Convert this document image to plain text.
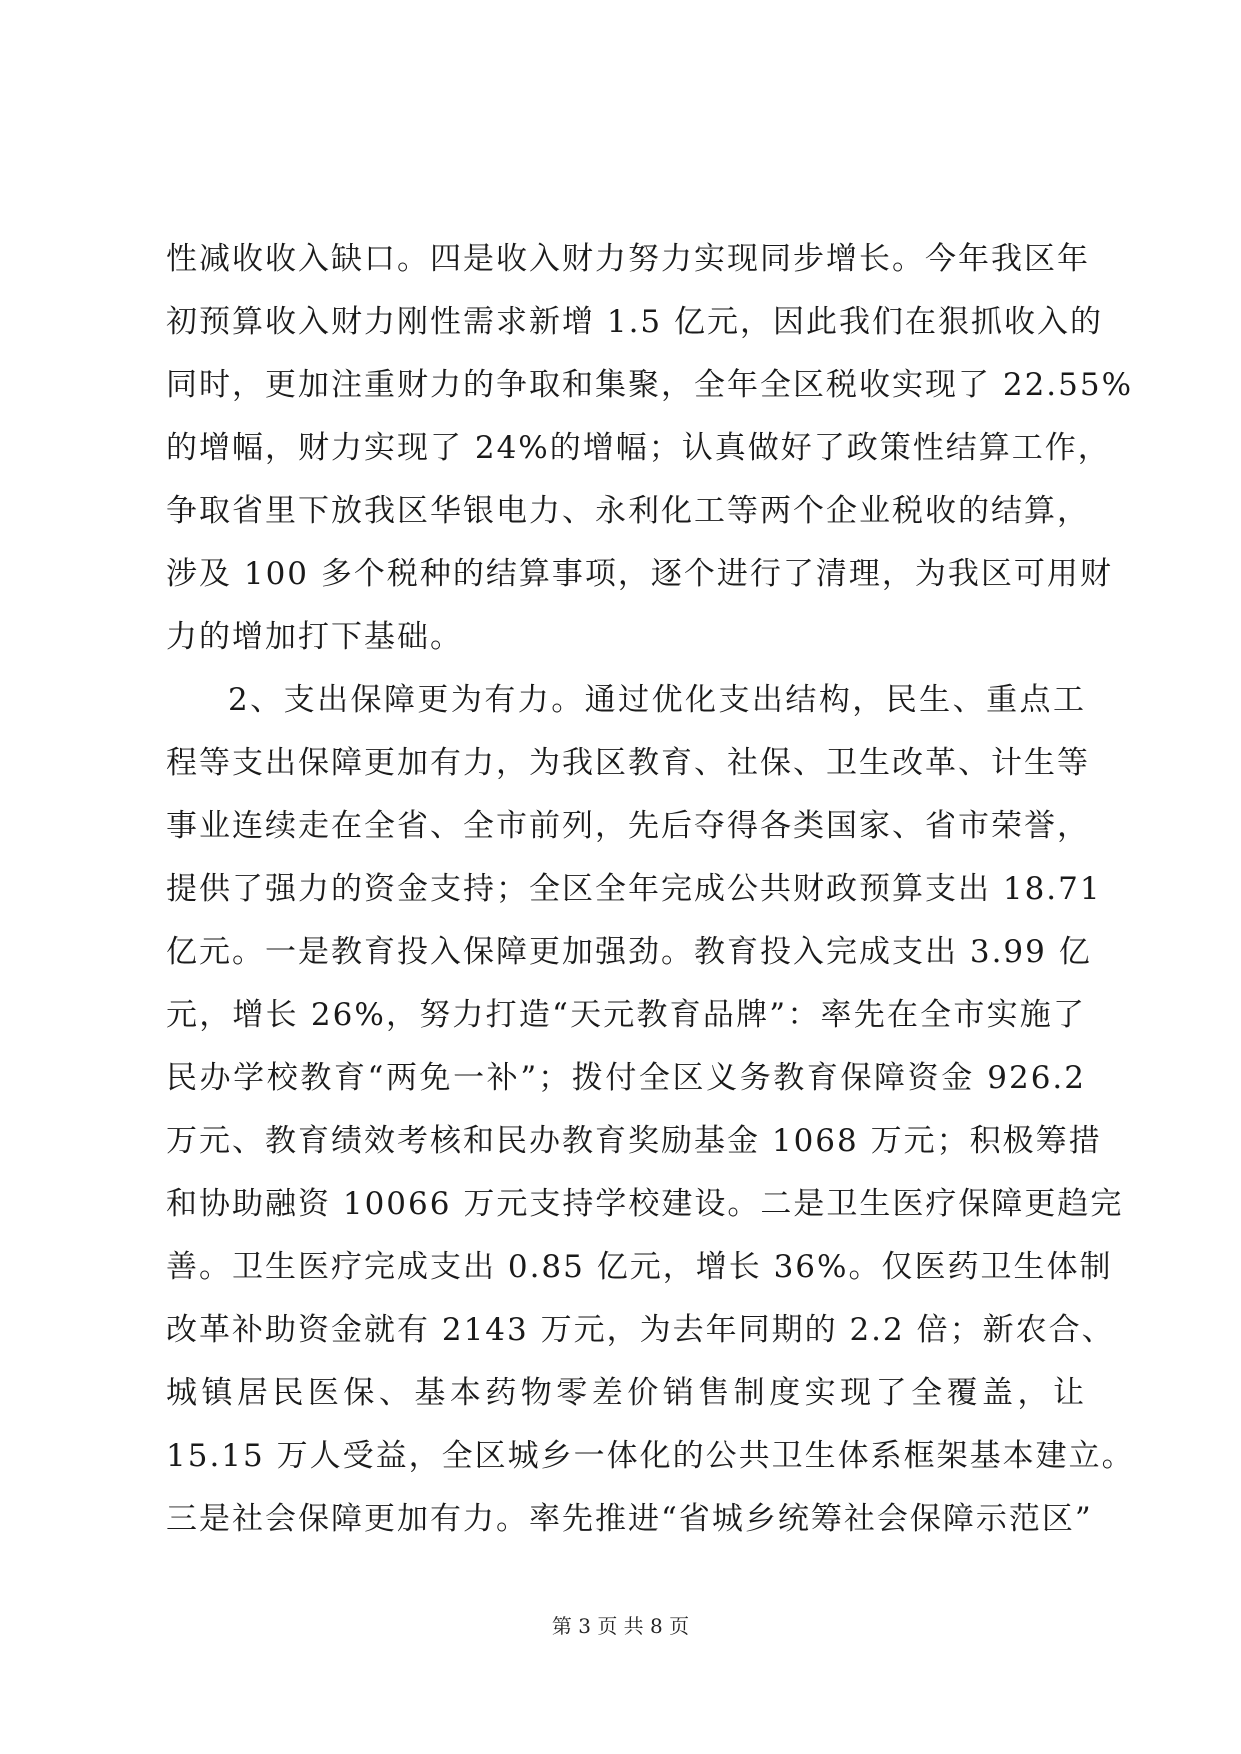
性减收收入缺口。四是收入财力努力实现同步增长。今年我区年
初预算收入财力刚性需求新增 1.5 亿元，因此我们在狠抓收入的
同时，更加注重财力的争取和集聚，全年全区税收实现了 22.55%
的增幅，财力实现了 24%的增幅；认真做好了政策性结算工作，
争取省里下放我区华银电力、永利化工等两个企业税收的结算，
涉及 100 多个税种的结算事项，逐个进行了清理，为我区可用财
力的增加打下基础。
2、支出保障更为有力。通过优化支出结构，民生、重点工
程等支出保障更加有力，为我区教育、社保、卫生改革、计生等
事业连续走在全省、全市前列，先后夺得各类国家、省市荣誉，
提供了强力的资金支持；全区全年完成公共财政预算支出 18.71
亿元。一是教育投入保障更加强劲。教育投入完成支出 3.99 亿
元，增长 26%，努力打造“天元教育品牌”：率先在全市实施了
民办学校教育“两免一补”；拨付全区义务教育保障资金 926.2
万元、教育绩效考核和民办教育奖励基金 1068 万元；积极筹措
和协助融资 10066 万元支持学校建设。二是卫生医疗保障更趋完
善。卫生医疗完成支出 0.85 亿元，增长 36%。仅医药卫生体制
改革补助资金就有 2143 万元，为去年同期的 2.2 倍；新农合、
城镇居民医保、基本药物零差价销售制度实现了全覆盖，让
15.15 万人受益，全区城乡一体化的公共卫生体系框架基本建立。
三是社会保障更加有力。率先推进“省城乡统筹社会保障示范区”
第 3 页 共 8 页
